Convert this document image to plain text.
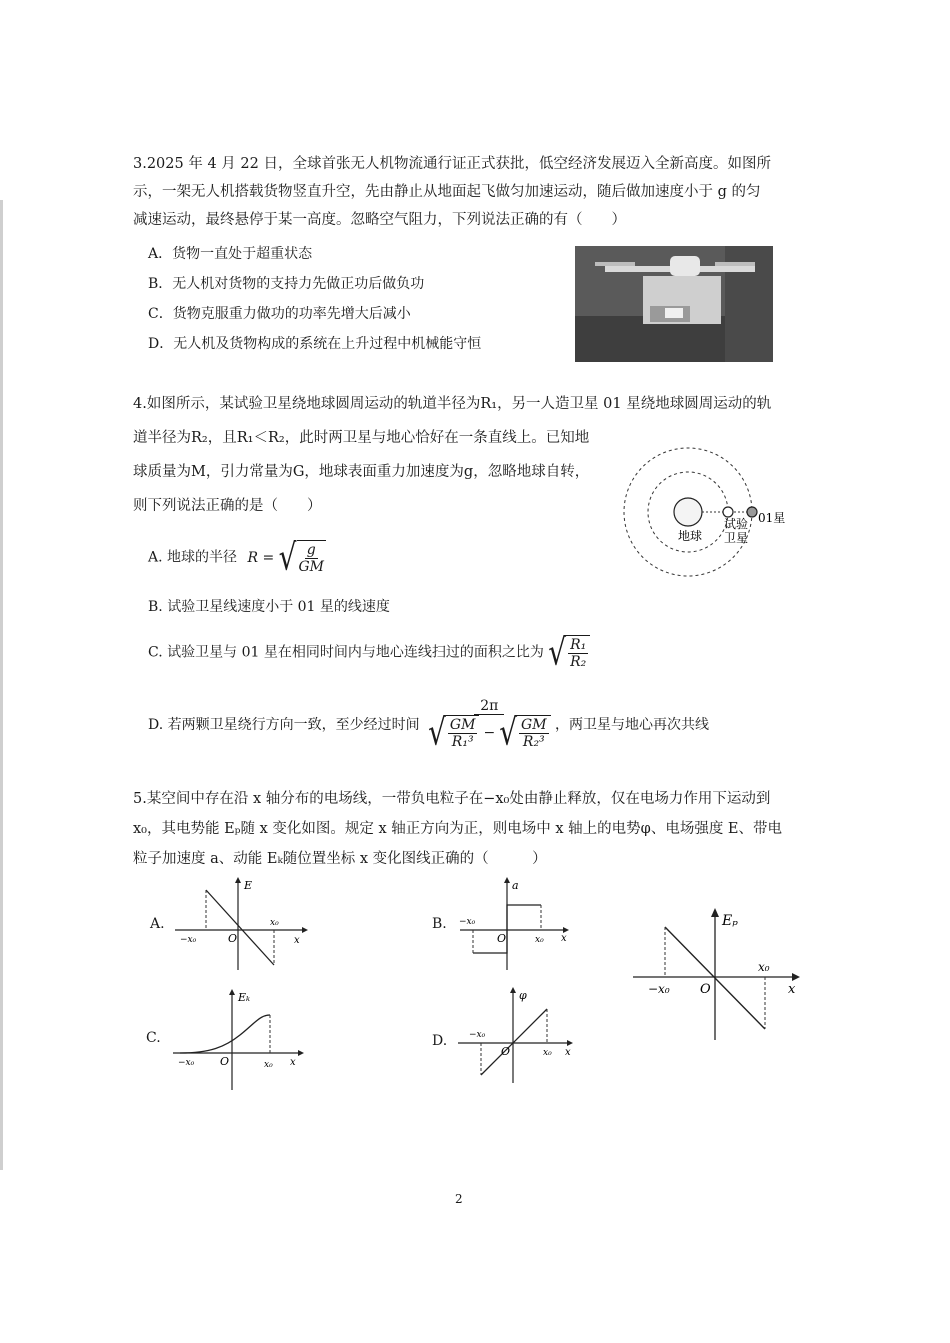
3.2025 年 4 月 22 日，全球首张无人机物流通行证正式获批，低空经济发展迈入全新高度。如图所

示，一架无人机搭载货物竖直升空，先由静止从地面起飞做匀加速运动，随后做加速度小于 g 的匀

减速运动，最终悬停于某一高度。忽略空气阻力，下列说法正确的有（　　）

A．货物一直处于超重状态
B．无人机对货物的支持力先做正功后做负功
C．货物克服重力做功的功率先增大后减小
D．无人机及货物构成的系统在上升过程中机械能守恒

4.如图所示，某试验卫星绕地球圆周运动的轨道半径为R₁，另一人造卫星 01 星绕地球圆周运动的轨

道半径为R₂，且R₁＜R₂，此时两卫星与地心恰好在一条直线上。已知地

球质量为M，引力常量为G，地球表面重力加速度为g，忽略地球自转，

则下列说法正确的是（　　）

地球
试验
卫星
01星
A. 地球的半径 R = √ $\frac{g}{GM}$
B. 试验卫星线速度小于 01 星的线速度
C. 试验卫星与 01 星在相同时间内与地心连线扫过的面积之比为 √ $\frac{\text{R₁}}{\text{R₂}}$
D. 若两颗卫星绕行方向一致，至少经过时间 $\frac{2\pi}{√ \frac{GM}{\text{R₁³}} - √ \frac{GM}{\text{R₂³}}}$ ，两卫星与地心再次共线

5.某空间中存在沿 x 轴分布的电场线，一带负电粒子在−x₀处由静止释放，仅在电场力作用下运动到

x₀，其电势能 Eₚ随 x 变化如图。规定 x 轴正方向为正，则电场中 x 轴上的电势φ、电场强度 E、带电

粒子加速度 a、动能 Eₖ随位置坐标 x 变化图线正确的（　　　）

A.	B.
C.	D.
E
x
O
−x₀
x₀
a
x
O
−x₀
x₀
Eₚ
x
O
−x₀
x₀
Eₖ
x
O
−x₀	x₀
φ
x
O
−x₀
x₀
2
